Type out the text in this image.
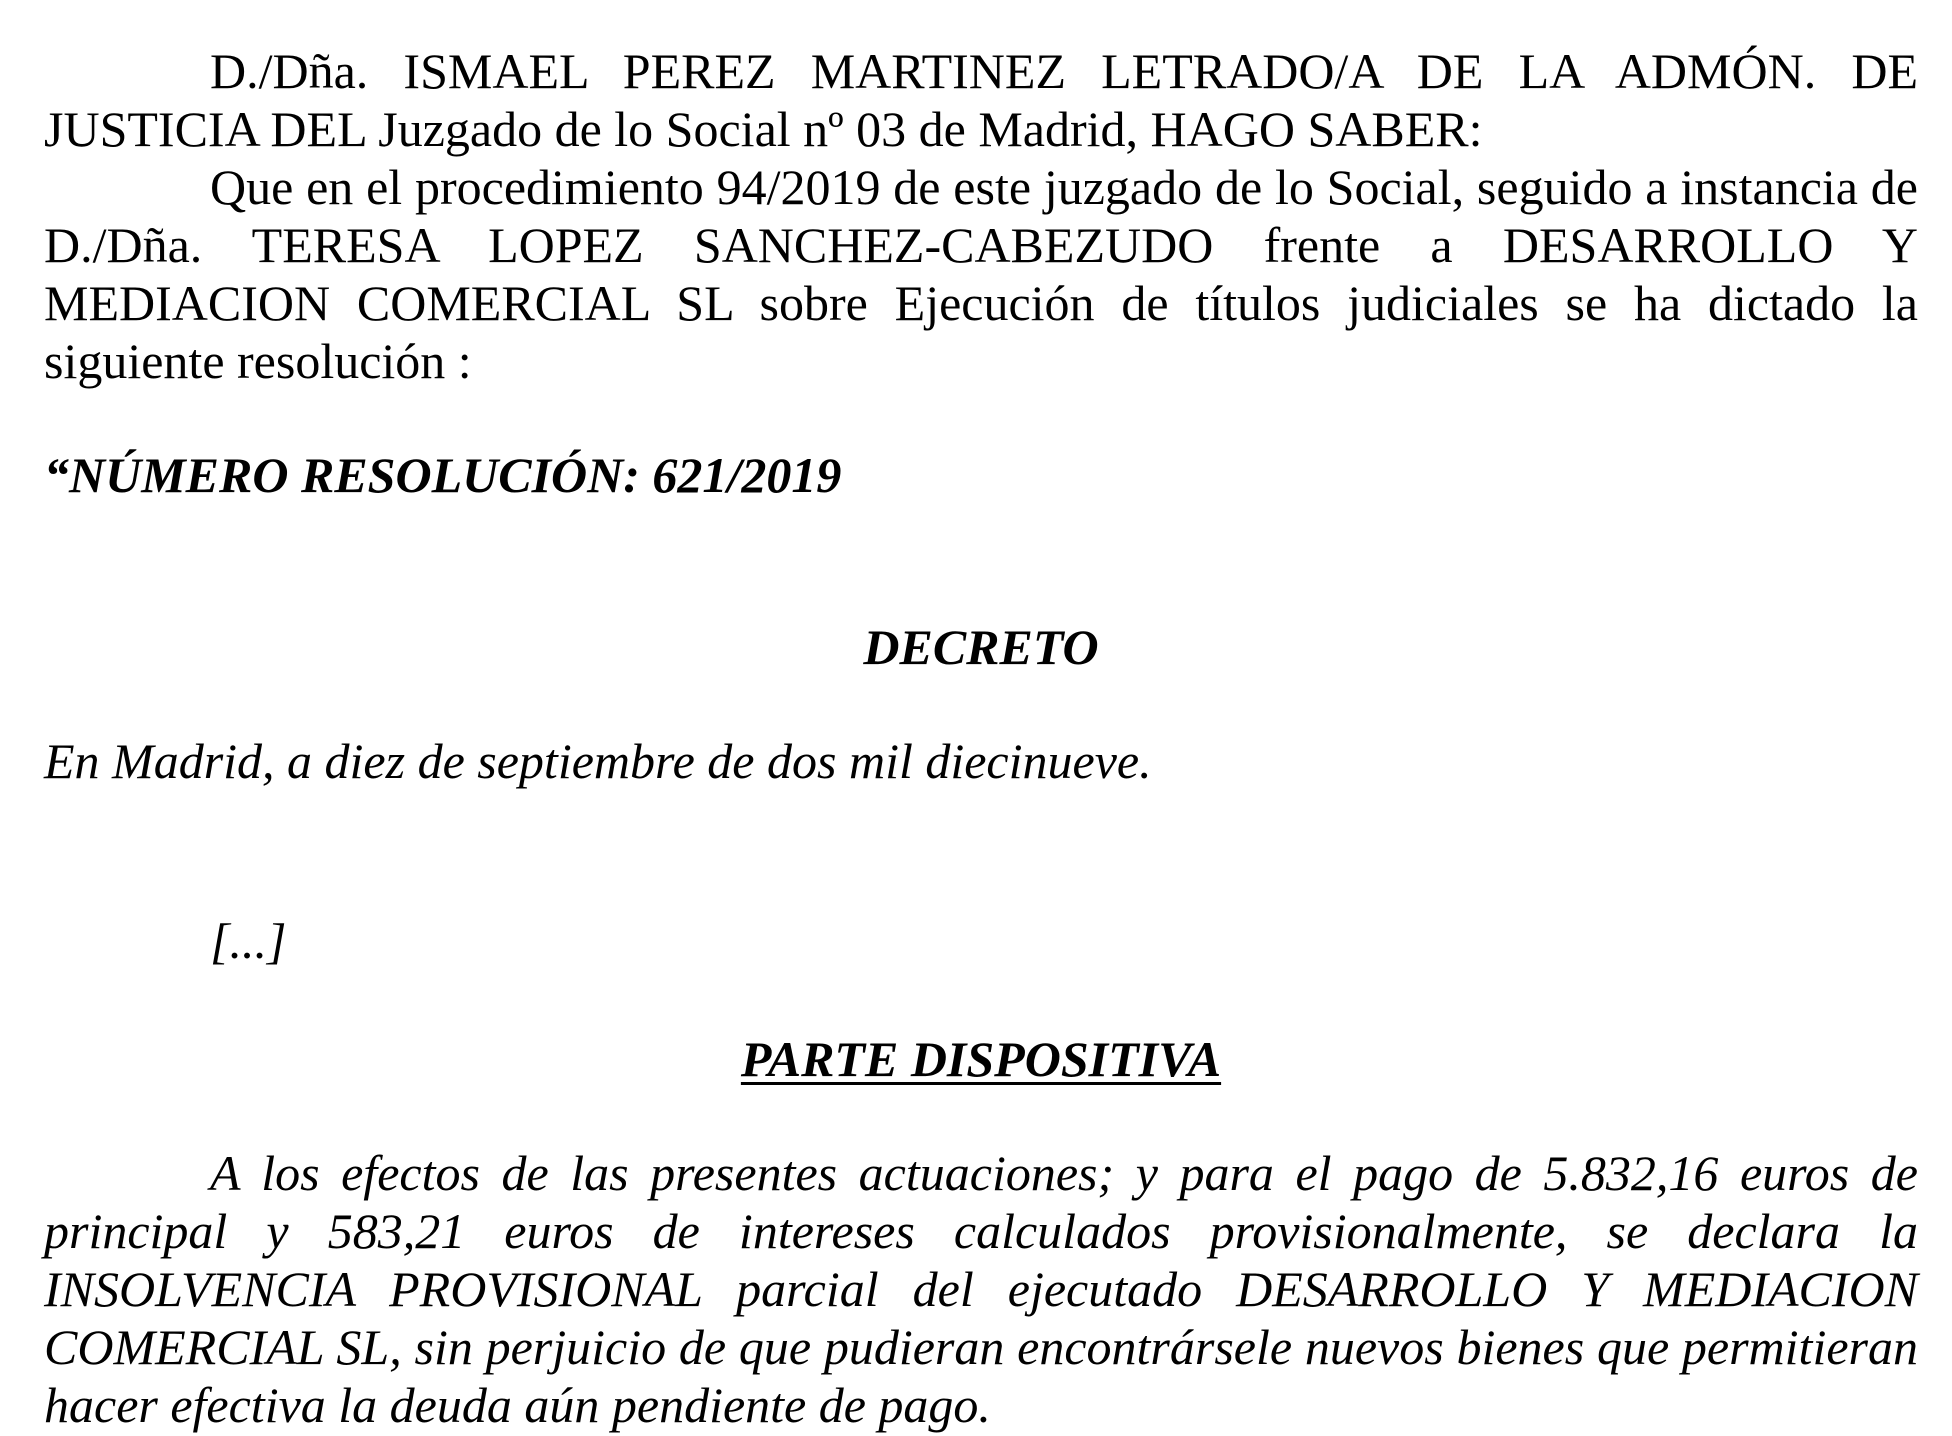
D./Dña. ISMAEL PEREZ MARTINEZ LETRADO/A DE LA ADMÓN. DE JUSTICIA DEL Juzgado de lo Social nº 03 de Madrid, HAGO SABER:

Que en el procedimiento 94/2019 de este juzgado de lo Social, seguido a instancia de D./Dña. TERESA LOPEZ SANCHEZ-CABEZUDO frente a DESARROLLO Y MEDIACION COMERCIAL SL sobre Ejecución de títulos judiciales se ha dictado la siguiente resolución :

“NÚMERO RESOLUCIÓN: 621/2019

DECRETO

En Madrid, a diez de septiembre de dos mil diecinueve.

[...]

PARTE DISPOSITIVA

A los efectos de las presentes actuaciones; y para el pago de 5.832,16 euros de principal y 583,21 euros de intereses calculados provisionalmente, se declara la INSOLVENCIA PROVISIONAL parcial del ejecutado DESARROLLO Y MEDIACION COMERCIAL SL, sin perjuicio de que pudieran encontrársele nuevos bienes que permitieran hacer efectiva la deuda aún pendiente de pago.
